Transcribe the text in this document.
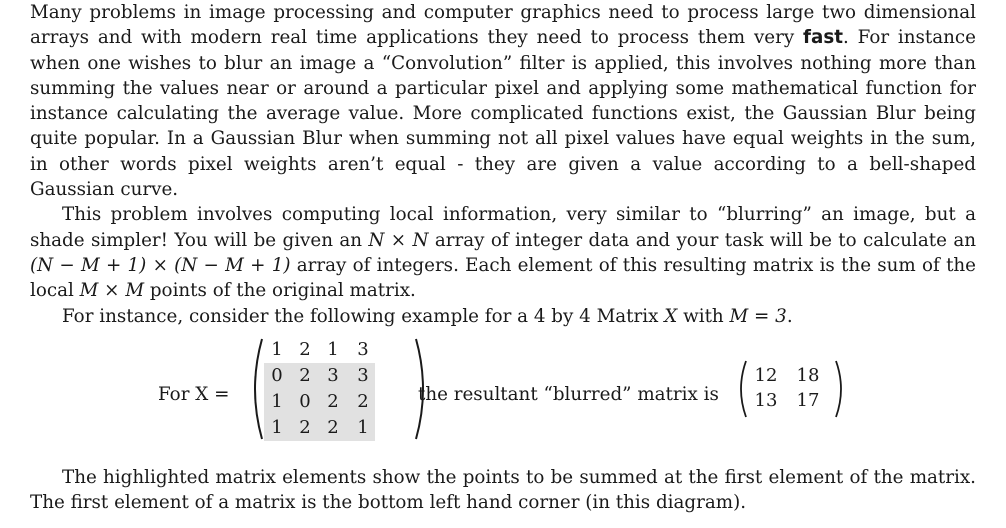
Many problems in image processing and computer graphics need to process large two dimensional arrays and with modern real time applications they need to process them very fast. For instance when one wishes to blur an image a “Convolution” filter is applied, this involves nothing more than summing the values near or around a particular pixel and applying some mathematical function for instance calculating the average value. More complicated functions exist, the Gaussian Blur being quite popular. In a Gaussian Blur when summing not all pixel values have equal weights in the sum, in other words pixel weights aren’t equal - they are given a value according to a bell-shaped Gaussian curve.

This problem involves computing local information, very similar to “blurring” an image, but a shade simpler! You will be given an N × N array of integer data and your task will be to calculate an (N − M + 1) × (N − M + 1) array of integers. Each element of this resulting matrix is the sum of the local M × M points of the original matrix.

For instance, consider the following example for a 4 by 4 Matrix X with M = 3.

For X =
1 2 1	3
0 2 3	3
1 0 2	2
1 2 2	1
the resultant “blurred” matrix is
12 18
13 17

The highlighted matrix elements show the points to be summed at the first element of the matrix. The first element of a matrix is the bottom left hand corner (in this diagram).
